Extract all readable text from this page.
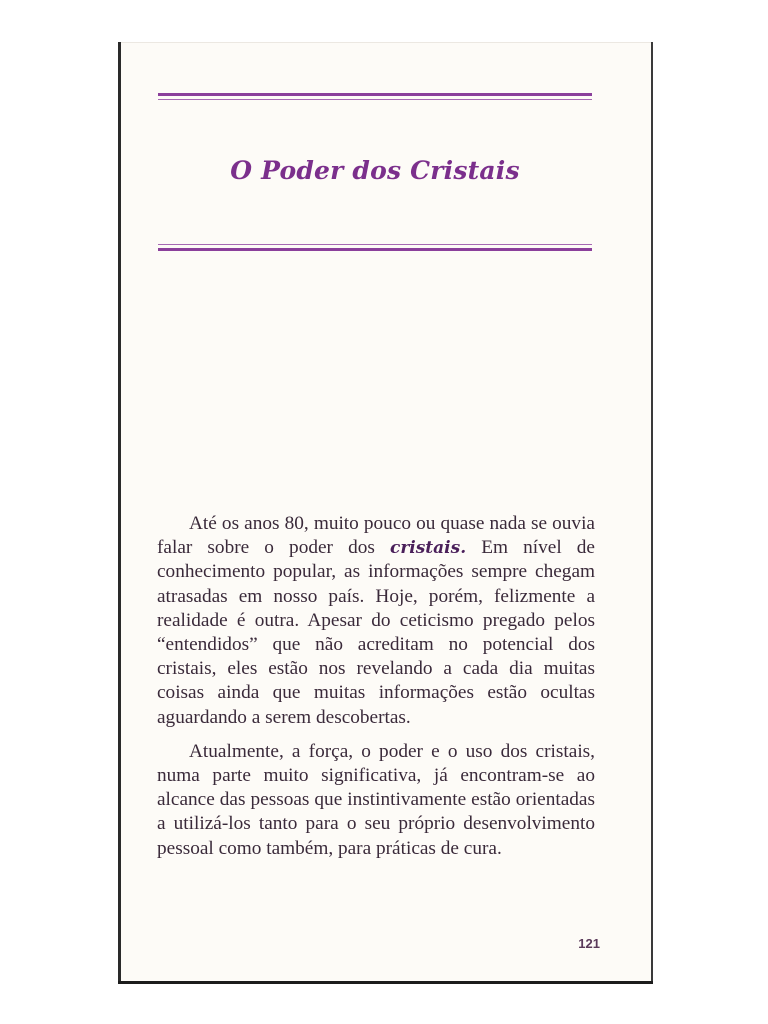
O Poder dos Cristais

Até os anos 80, muito pouco ou quase nada se ouvia falar sobre o poder dos cristais. Em nível de conhecimento popular, as informações sempre chegam atrasadas em nosso país. Hoje, porém, felizmente a realidade é outra. Apesar do ceticismo pregado pelos “entendidos” que não acreditam no potencial dos cristais, eles estão nos revelando a cada dia muitas coisas ainda que muitas informações estão ocultas aguardando a serem descobertas.

Atualmente, a força, o poder e o uso dos cristais, numa parte muito significativa, já encontram-se ao alcance das pessoas que instintivamente estão orientadas a utilizá-los tanto para o seu próprio desenvolvimento pessoal como também, para práticas de cura.

121
